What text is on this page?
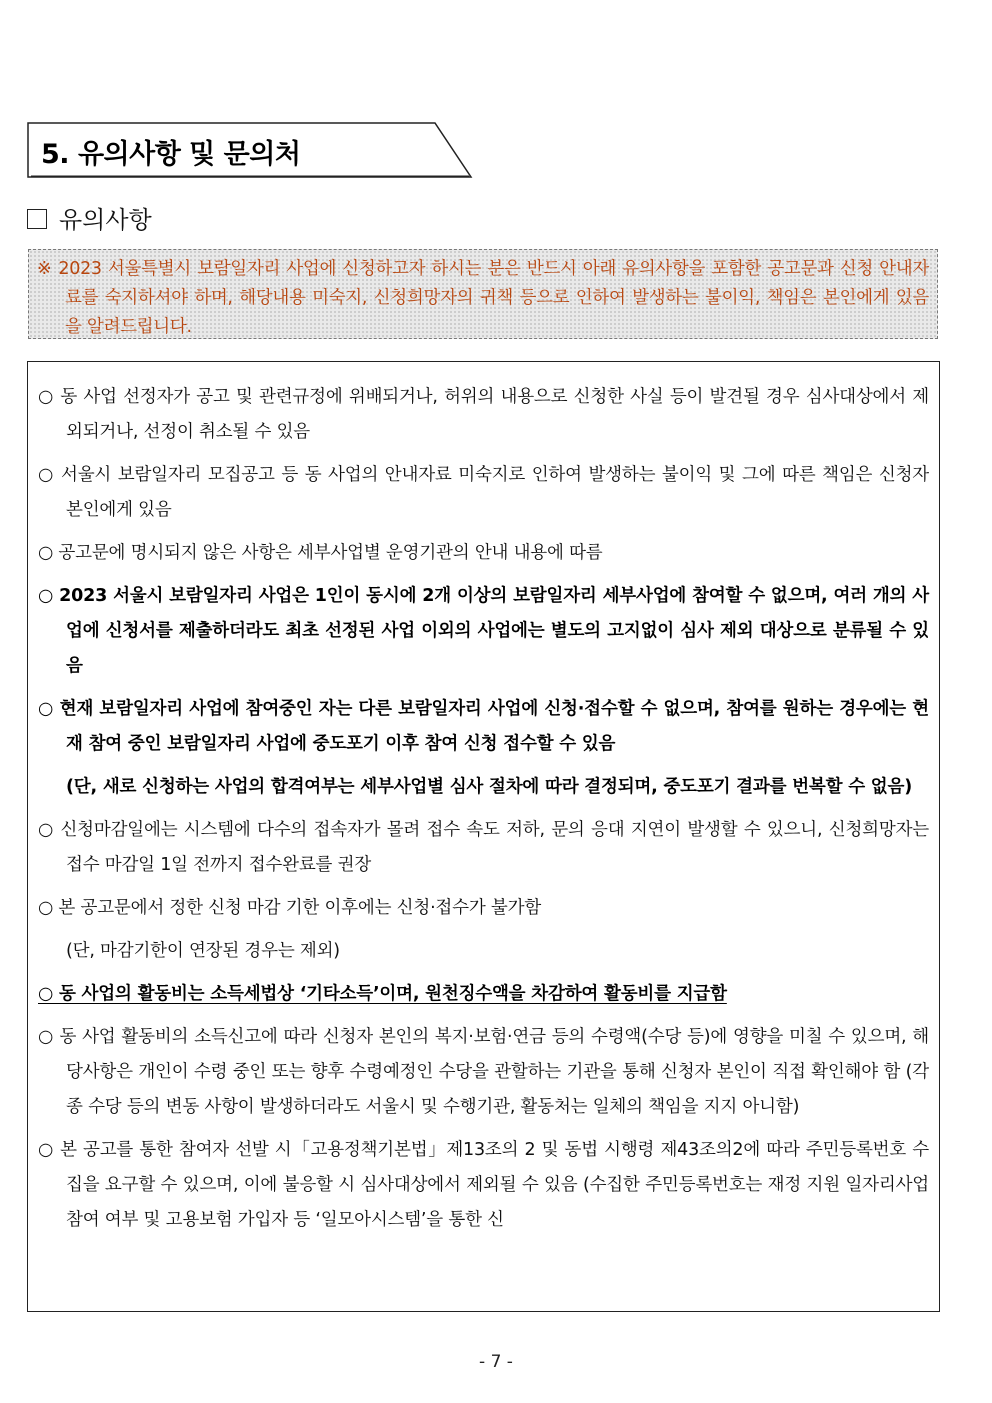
5. 유의사항 및 문의처
유의사항
※ 2023 서울특별시 보람일자리 사업에 신청하고자 하시는 분은 반드시 아래 유의사항을 포함한 공고문과 신청 안내자료를 숙지하셔야 하며, 해당내용 미숙지, 신청희망자의 귀책 등으로 인하여 발생하는 불이익, 책임은 본인에게 있음을 알려드립니다.
○ 동 사업 선정자가 공고 및 관련규정에 위배되거나, 허위의 내용으로 신청한 사실 등이 발견될 경우 심사대상에서 제외되거나, 선정이 취소될 수 있음
○ 서울시 보람일자리 모집공고 등 동 사업의 안내자료 미숙지로 인하여 발생하는 불이익 및 그에 따른 책임은 신청자 본인에게 있음
○ 공고문에 명시되지 않은 사항은 세부사업별 운영기관의 안내 내용에 따름
○ 2023 서울시 보람일자리 사업은 1인이 동시에 2개 이상의 보람일자리 세부사업에 참여할 수 없으며, 여러 개의 사업에 신청서를 제출하더라도 최초 선정된 사업 이외의 사업에는 별도의 고지없이 심사 제외 대상으로 분류될 수 있음
○ 현재 보람일자리 사업에 참여중인 자는 다른 보람일자리 사업에 신청·접수할 수 없으며, 참여를 원하는 경우에는 현재 참여 중인 보람일자리 사업에 중도포기 이후 참여 신청 접수할 수 있음
(단, 새로 신청하는 사업의 합격여부는 세부사업별 심사 절차에 따라 결정되며, 중도포기 결과를 번복할 수 없음)
○ 신청마감일에는 시스템에 다수의 접속자가 몰려 접수 속도 저하, 문의 응대 지연이 발생할 수 있으니, 신청희망자는 접수 마감일 1일 전까지 접수완료를 권장
○ 본 공고문에서 정한 신청 마감 기한 이후에는 신청·접수가 불가함
(단, 마감기한이 연장된 경우는 제외)
○ 동 사업의 활동비는 소득세법상 ‘기타소득’이며, 원천징수액을 차감하여 활동비를 지급함
○ 동 사업 활동비의 소득신고에 따라 신청자 본인의 복지·보험·연금 등의 수령액(수당 등)에 영향을 미칠 수 있으며, 해당사항은 개인이 수령 중인 또는 향후 수령예정인 수당을 관할하는 기관을 통해 신청자 본인이 직접 확인해야 함 (각종 수당 등의 변동 사항이 발생하더라도 서울시 및 수행기관, 활동처는 일체의 책임을 지지 아니함)
○ 본 공고를 통한 참여자 선발 시「고용정책기본법」제13조의 2 및 동법 시행령 제43조의2에 따라 주민등록번호 수집을 요구할 수 있으며, 이에 불응할 시 심사대상에서 제외될 수 있음 (수집한 주민등록번호는 재정 지원 일자리사업 참여 여부 및 고용보험 가입자 등 ‘일모아시스템’을 통한 신
- 7 -
